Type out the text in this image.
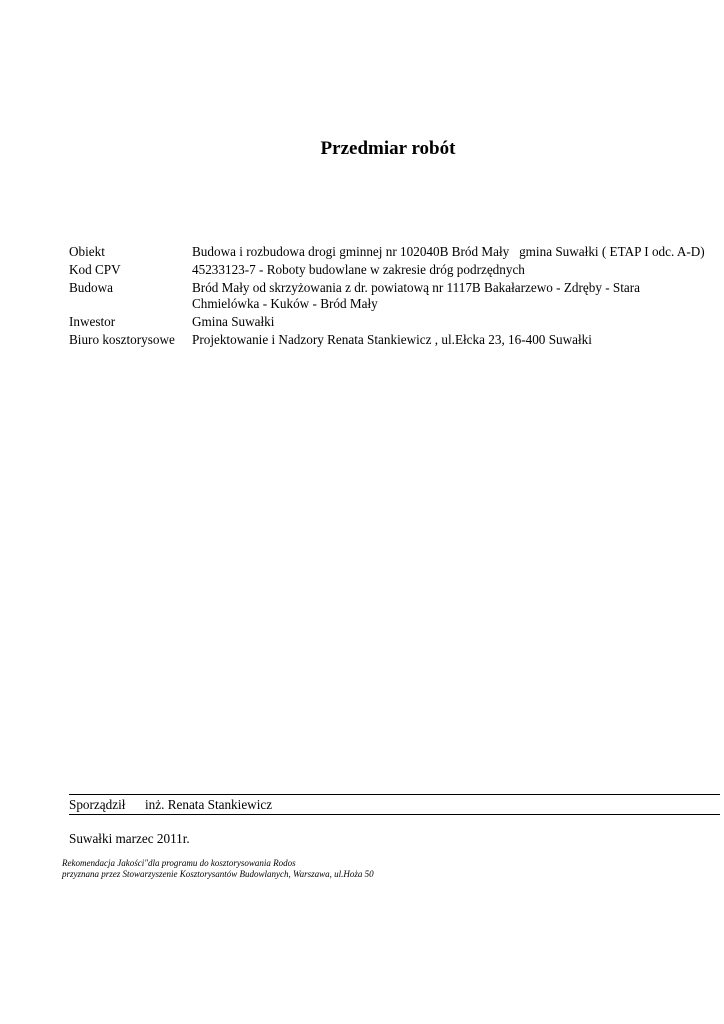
Przedmiar robót
Obiekt	Budowa i rozbudowa drogi gminnej nr 102040B Bród Mały   gmina Suwałki ( ETAP I odc. A-D)
Kod CPV	45233123-7 - Roboty budowlane w zakresie dróg podrzędnych
Budowa	Bród Mały od skrzyżowania z dr. powiatową nr 1117B Bakałarzewo - Zdręby - Stara Chmielówka - Kuków - Bród Mały
Inwestor	Gmina Suwałki
Biuro kosztorysowe	Projektowanie i Nadzory Renata Stankiewicz , ul.Ełcka 23, 16-400 Suwałki
Sporządził	inż. Renata Stankiewicz
Suwałki marzec 2011r.
Rekomendacja Jakości"dla programu do kosztorysowania Rodos
przyznana przez Stowarzyszenie Kosztorysantów Budowlanych, Warszawa, ul.Hoża 50
